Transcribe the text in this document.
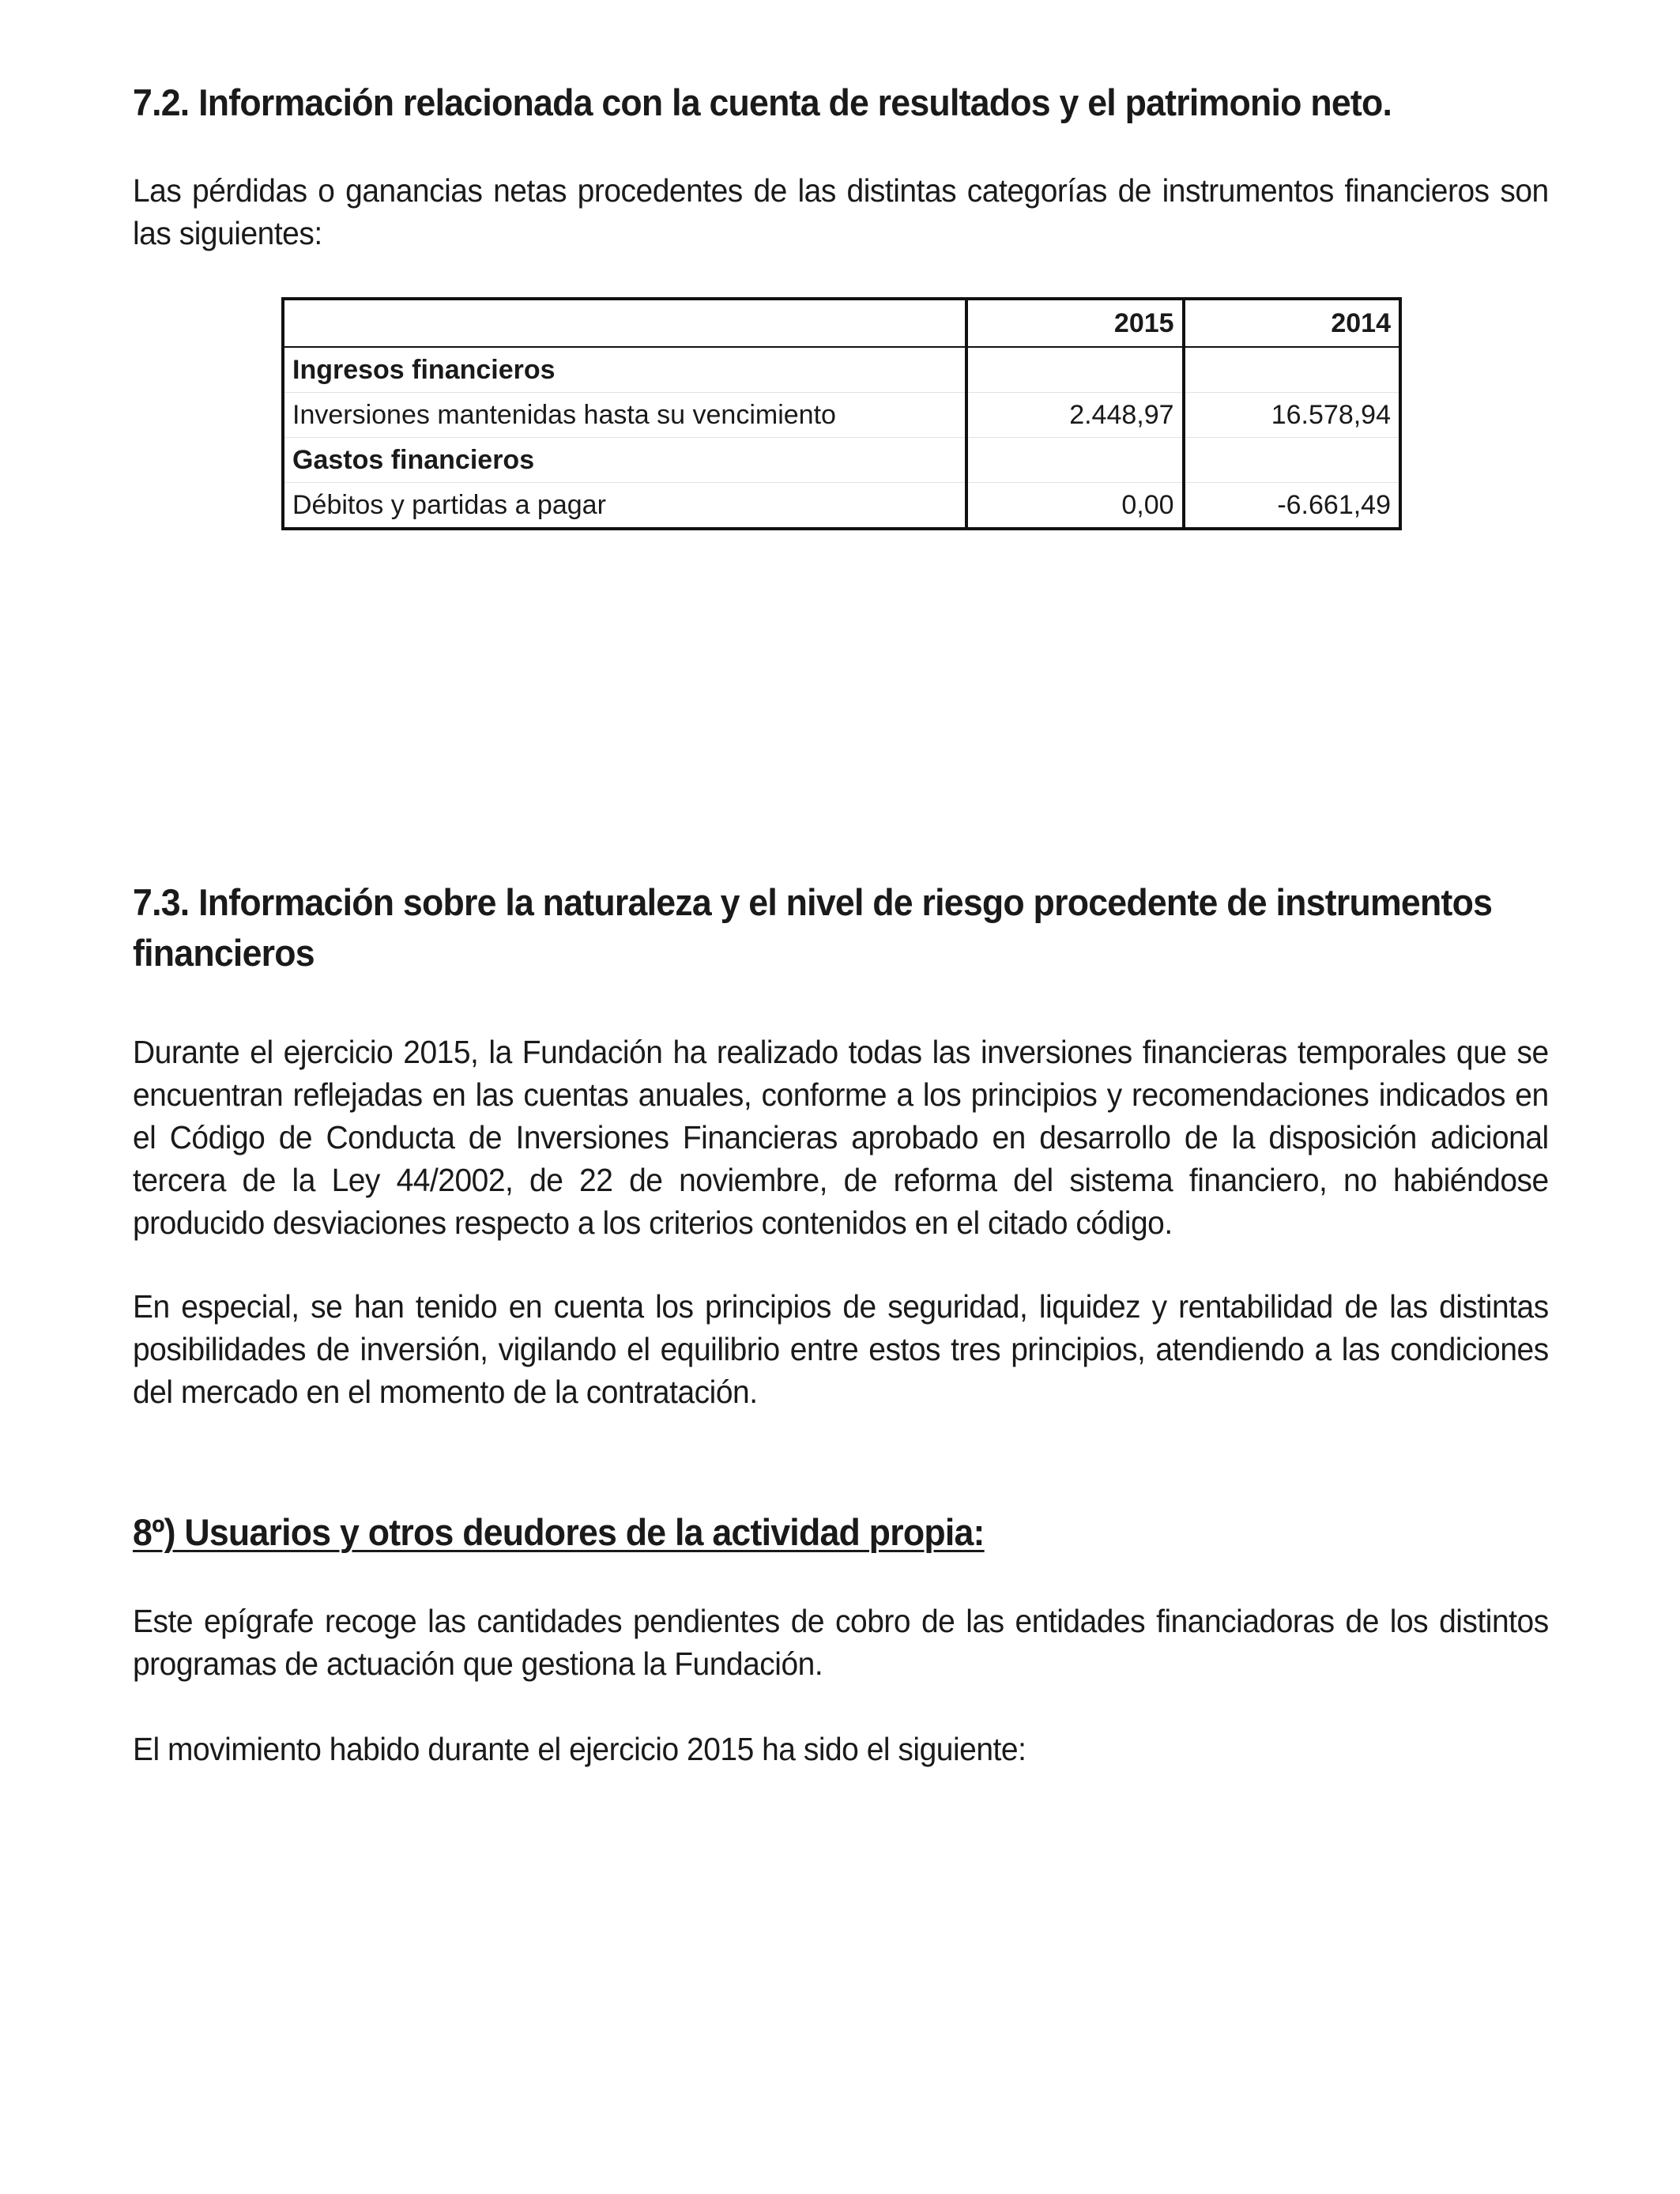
7.2. Información relacionada con la cuenta de resultados y el patrimonio neto.

Las pérdidas o ganancias netas procedentes de las distintas categorías de instrumentos financieros son las siguientes:

	2015	2014
Ingresos financieros		
Inversiones mantenidas hasta su vencimiento	2.448,97	16.578,94
Gastos financieros		
Débitos y partidas a pagar	0,00	-6.661,49
7.3. Información sobre la naturaleza y el nivel de riesgo procedente de instrumentos financieros

Durante el ejercicio 2015, la Fundación ha realizado todas las inversiones financieras temporales que se encuentran reflejadas en las cuentas anuales, conforme a los principios y recomendaciones indicados en el Código de Conducta de Inversiones Financieras aprobado en desarrollo de la disposición adicional tercera de la Ley 44/2002, de 22 de noviembre, de reforma del sistema financiero, no habiéndose producido desviaciones respecto a los criterios contenidos en el citado código.

En especial, se han tenido en cuenta los principios de seguridad, liquidez y rentabilidad de las distintas posibilidades de inversión, vigilando el equilibrio entre estos tres principios, atendiendo a las condiciones del mercado en el momento de la contratación.

8º) Usuarios y otros deudores de la actividad propia:

Este epígrafe recoge las cantidades pendientes de cobro de las entidades financiadoras de los distintos programas de actuación que gestiona la Fundación.

El movimiento habido durante el ejercicio 2015 ha sido el siguiente:
